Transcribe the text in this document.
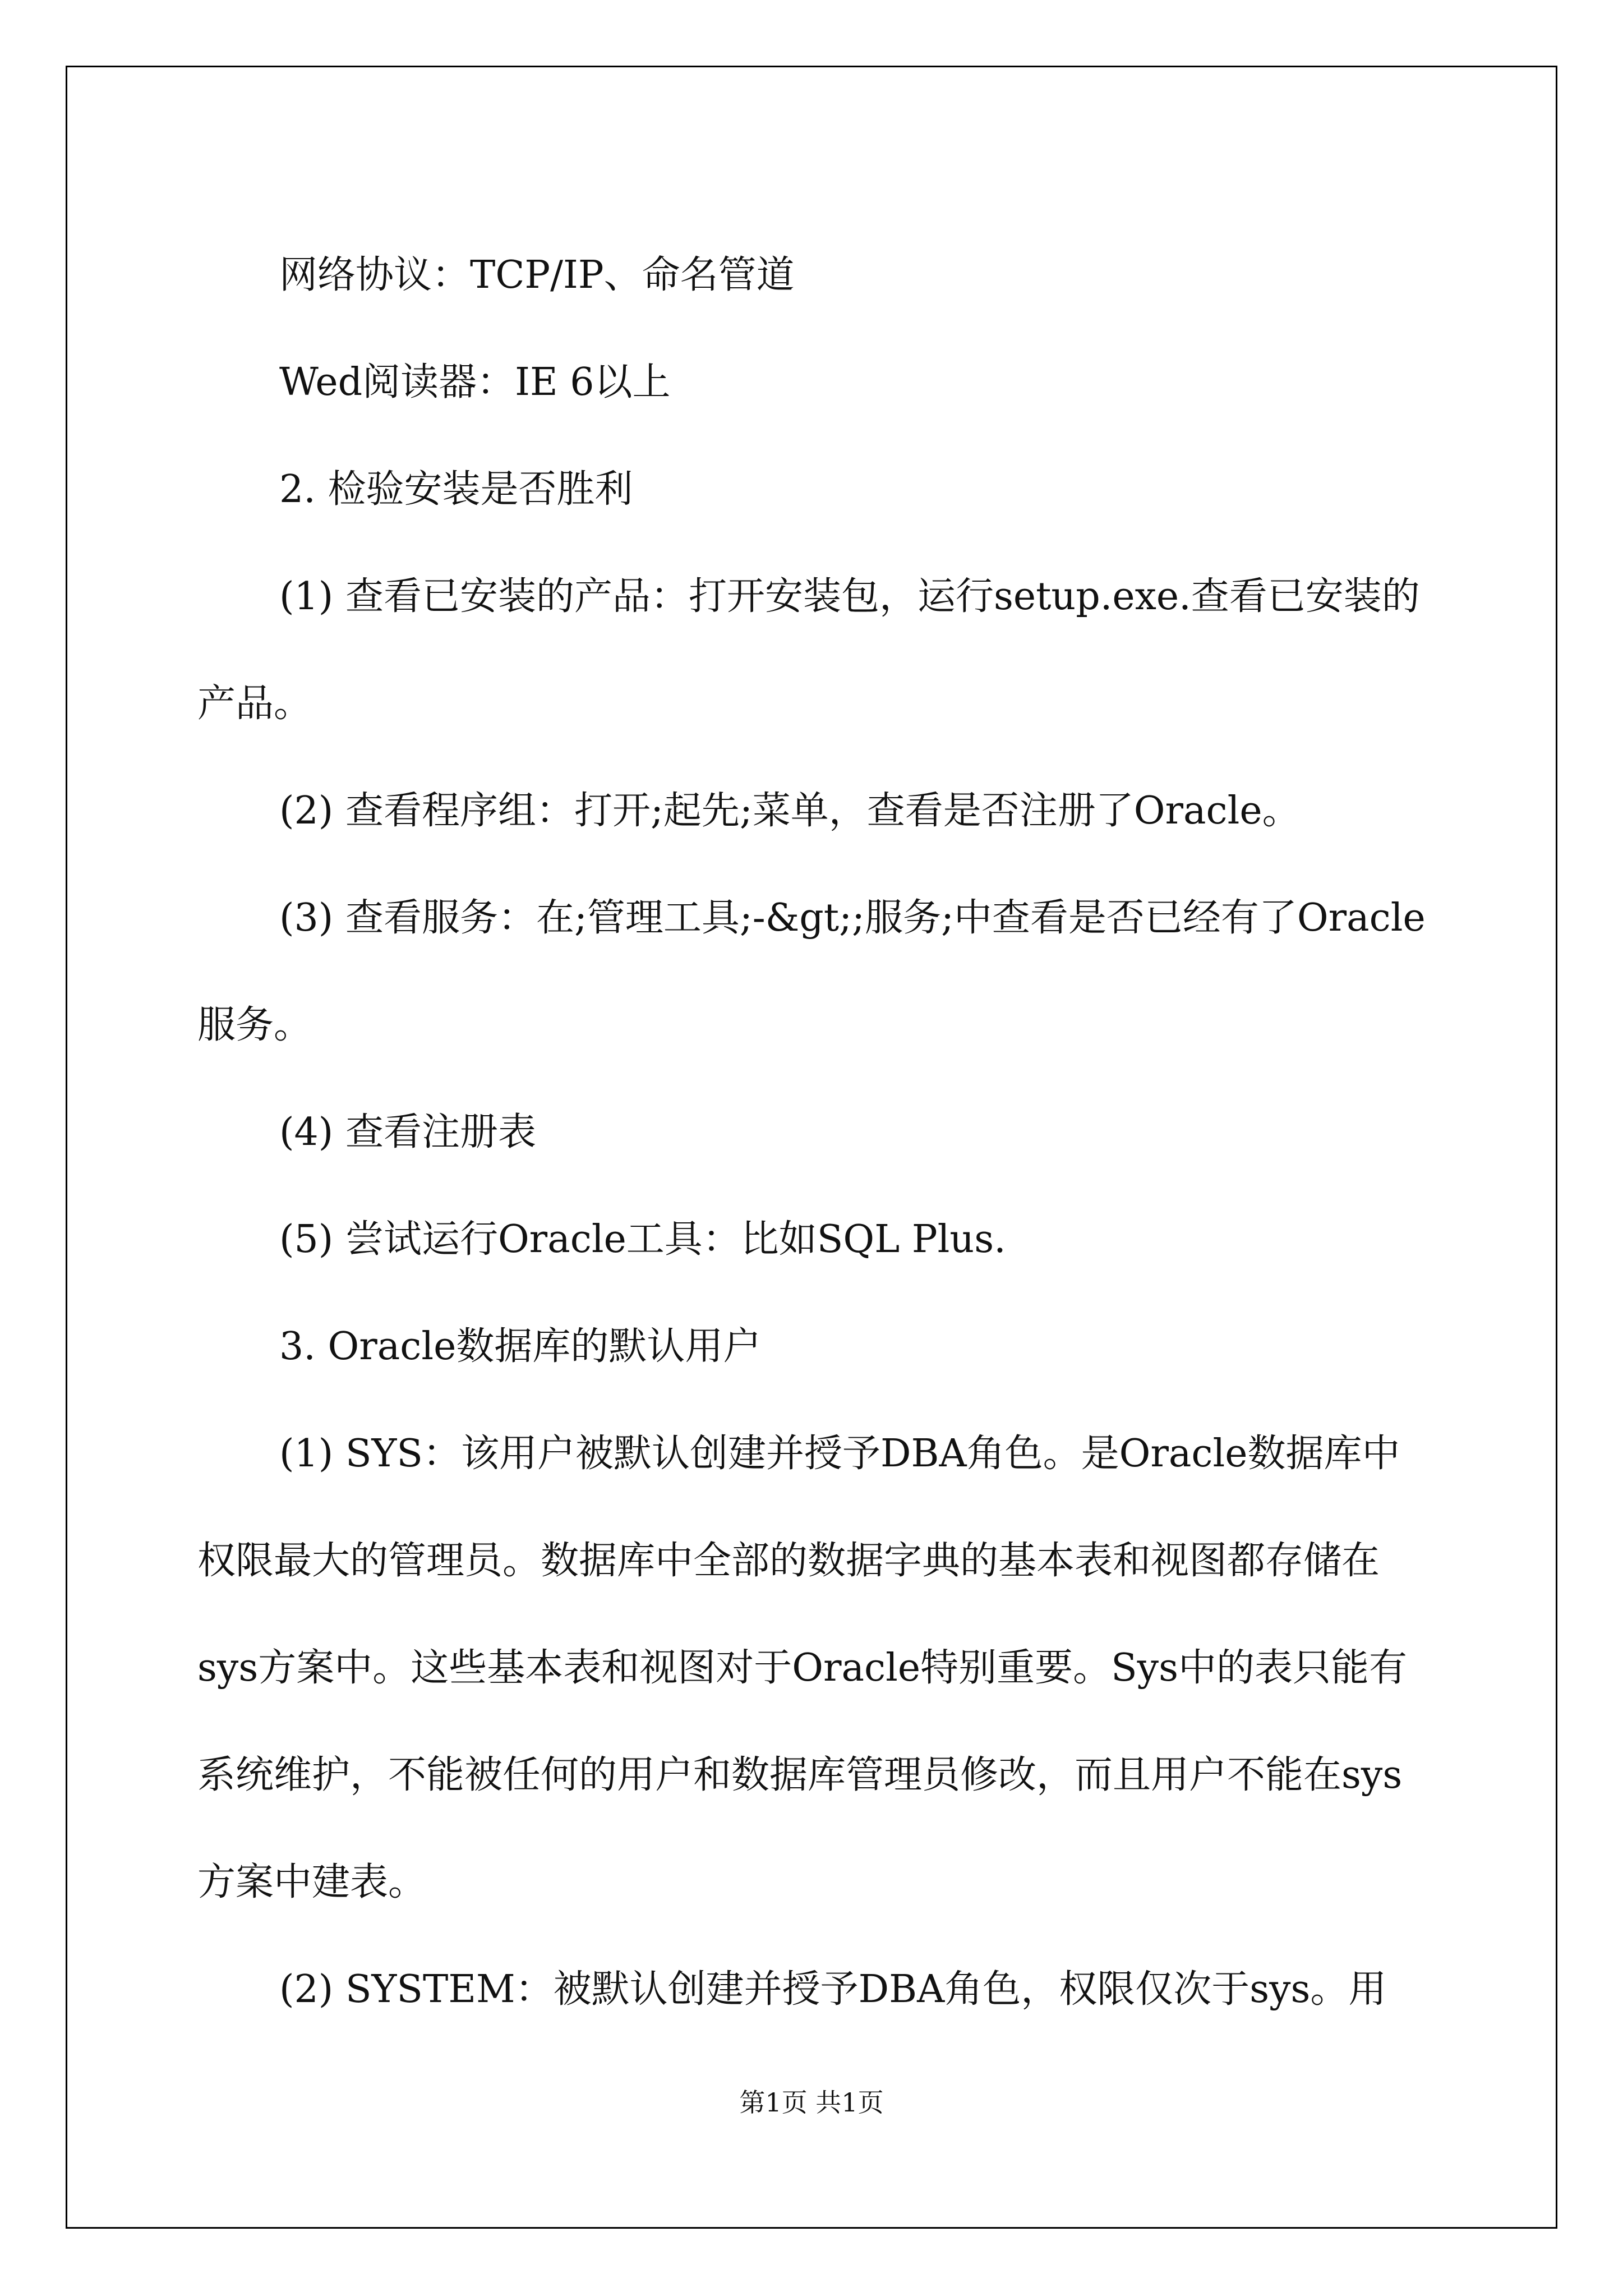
网络协议：TCP/IP、命名管道

Wed阅读器：IE 6以上

2. 检验安装是否胜利

(1) 查看已安装的产品：打开安装包，运行setup.exe.查看已安装的产品。

(2) 查看程序组：打开;起先;菜单，查看是否注册了Oracle。

(3) 查看服务：在;管理工具;-&gt;;服务;中查看是否已经有了Oracle服务。

(4) 查看注册表

(5) 尝试运行Oracle工具：比如SQL Plus.

3. Oracle数据库的默认用户

(1) SYS：该用户被默认创建并授予DBA角色。是Oracle数据库中权限最大的管理员。数据库中全部的数据字典的基本表和视图都存储在sys方案中。这些基本表和视图对于Oracle特别重要。Sys中的表只能有系统维护，不能被任何的用户和数据库管理员修改，而且用户不能在sys方案中建表。

(2) SYSTEM：被默认创建并授予DBA角色，权限仅次于sys。用

第1页 共1页
